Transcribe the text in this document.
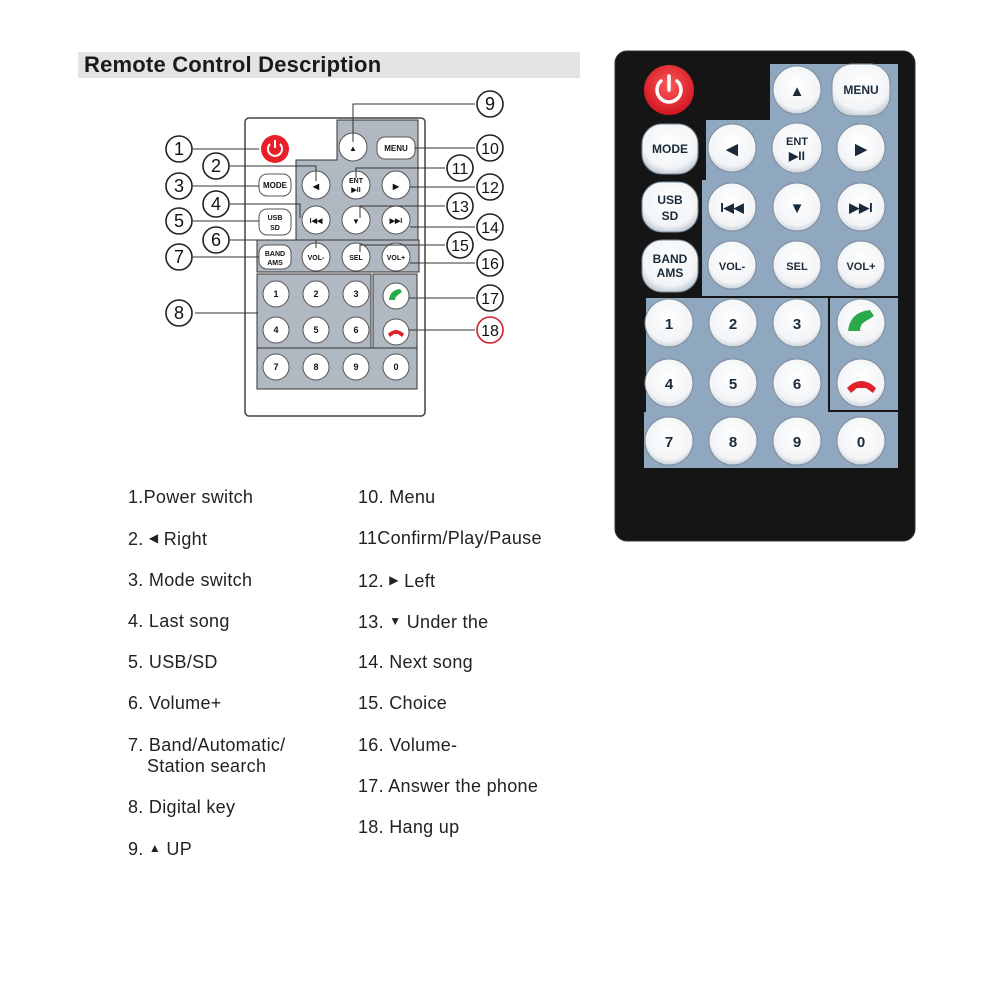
Remote Control Description
▲	MENU
MODE	◀
ENT
▶II	▶
USB
SD
I◀◀	▼	▶▶I
BAND
AMS
VOL-	SEL	VOL+
1	2	3
4	5	6
7	8	9	0
1
2
3
4
5
6
7
8
9
10
11
12
13
14
15
16
17
18
1.Power switch
2. ◀ Right
3. Mode switch
4. Last song
5. USB/SD
6. Volume+
7. Band/Automatic/
Station search
8. Digital key
9. ▲ UP
10. Menu
11Confirm/Play/Pause
12. ▶ Left
13. ▼ Under the
14. Next song
15. Choice
16. Volume-
17. Answer the phone
18. Hang up
▲	MENU
MODE	◀	ENT
▶II	▶
USB
SD
I◀◀	▼	▶▶I
BAND
AMS	VOL-	SEL	VOL+
1	2	3
4	5	6
7	8	9	0
